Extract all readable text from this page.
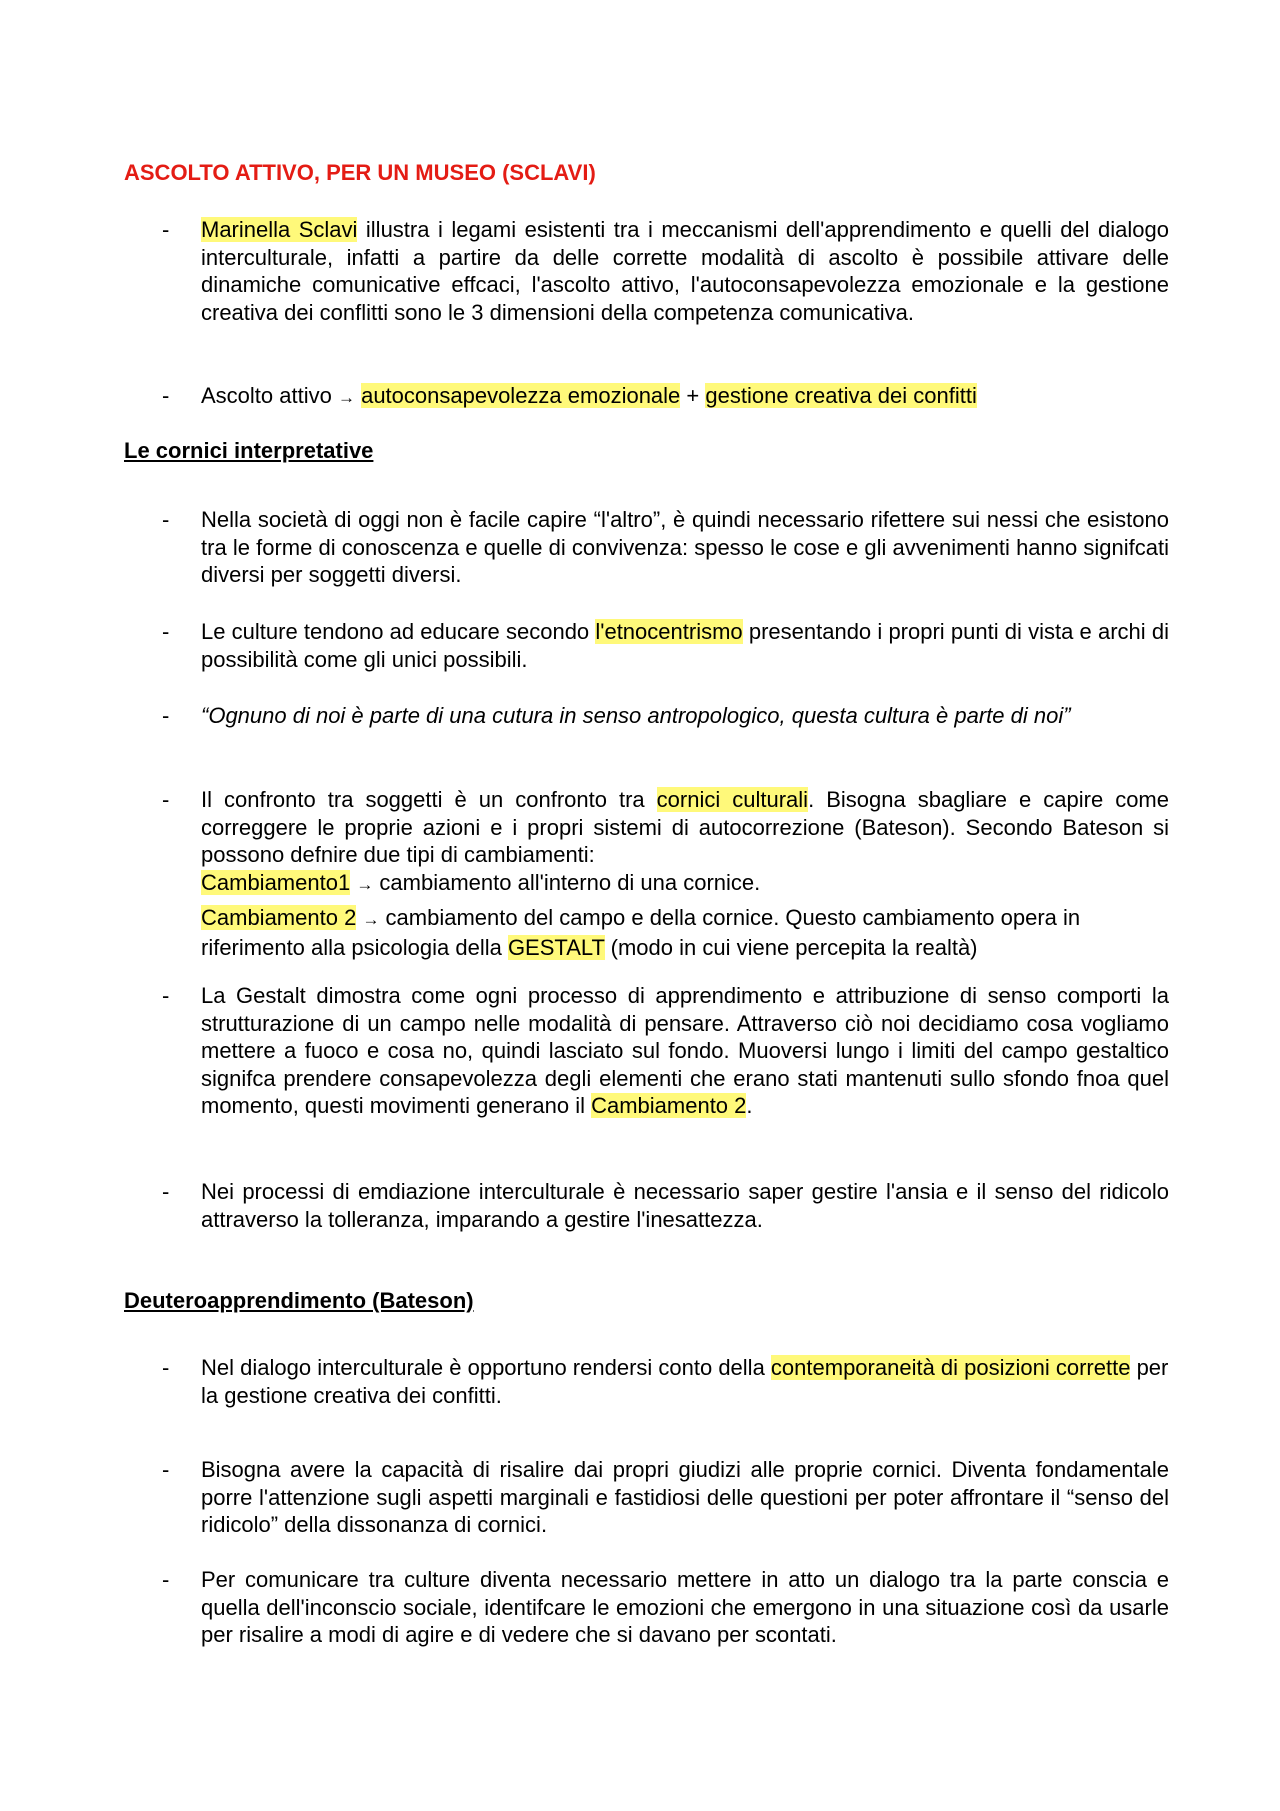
ASCOLTO ATTIVO, PER UN MUSEO (SCLAVI)
-	Marinella Sclavi illustra i legami esistenti tra i meccanismi dell'apprendimento e quelli del dialogo interculturale, infatti a partire da delle corrette modalità di ascolto è possibile attivare delle dinamiche comunicative effcaci, l'ascolto attivo, l'autoconsapevolezza emozionale e la gestione creativa dei conflitti sono le 3 dimensioni della competenza comunicativa.
-	Ascolto attivo → autoconsapevolezza emozionale + gestione creativa dei confitti
Le cornici interpretative
-	Nella società di oggi non è facile capire “l'altro”, è quindi necessario rifettere sui nessi che esistono tra le forme di conoscenza e quelle di convivenza: spesso le cose e gli avvenimenti hanno signifcati diversi per soggetti diversi.
-	Le culture tendono ad educare secondo l'etnocentrismo presentando i propri punti di vista e archi di possibilità come gli unici possibili.
-	“Ognuno di noi è parte di una cutura in senso antropologico, questa cultura è parte di noi”
-	Il confronto tra soggetti è un confronto tra cornici culturali. Bisogna sbagliare e capire come correggere le proprie azioni e i propri sistemi di autocorrezione (Bateson). Secondo Bateson si possono defnire due tipi di cambiamenti:
Cambiamento1 → cambiamento all'interno di una cornice.
Cambiamento 2 → cambiamento del campo e della cornice. Questo cambiamento opera in riferimento alla psicologia della GESTALT (modo in cui viene percepita la realtà)
-	La Gestalt dimostra come ogni processo di apprendimento e attribuzione di senso comporti la strutturazione di un campo nelle modalità di pensare. Attraverso ciò noi decidiamo cosa vogliamo mettere a fuoco e cosa no, quindi lasciato sul fondo. Muoversi lungo i limiti del campo gestaltico signifca prendere consapevolezza degli elementi che erano stati mantenuti sullo sfondo fnoa quel momento, questi movimenti generano il Cambiamento 2.
-	Nei processi di emdiazione interculturale è necessario saper gestire l'ansia e il senso del ridicolo attraverso la tolleranza, imparando a gestire l'inesattezza.
Deuteroapprendimento (Bateson)
-	Nel dialogo interculturale è opportuno rendersi conto della contemporaneità di posizioni corrette per la gestione creativa dei confitti.
-	Bisogna avere la capacità di risalire dai propri giudizi alle proprie cornici. Diventa fondamentale porre l'attenzione sugli aspetti marginali e fastidiosi delle questioni per poter affrontare il “senso del ridicolo” della dissonanza di cornici.
-	Per comunicare tra culture diventa necessario mettere in atto un dialogo tra la parte conscia e quella dell'inconscio sociale, identifcare le emozioni che emergono in una situazione così da usarle per risalire a modi di agire e di vedere che si davano per scontati.
